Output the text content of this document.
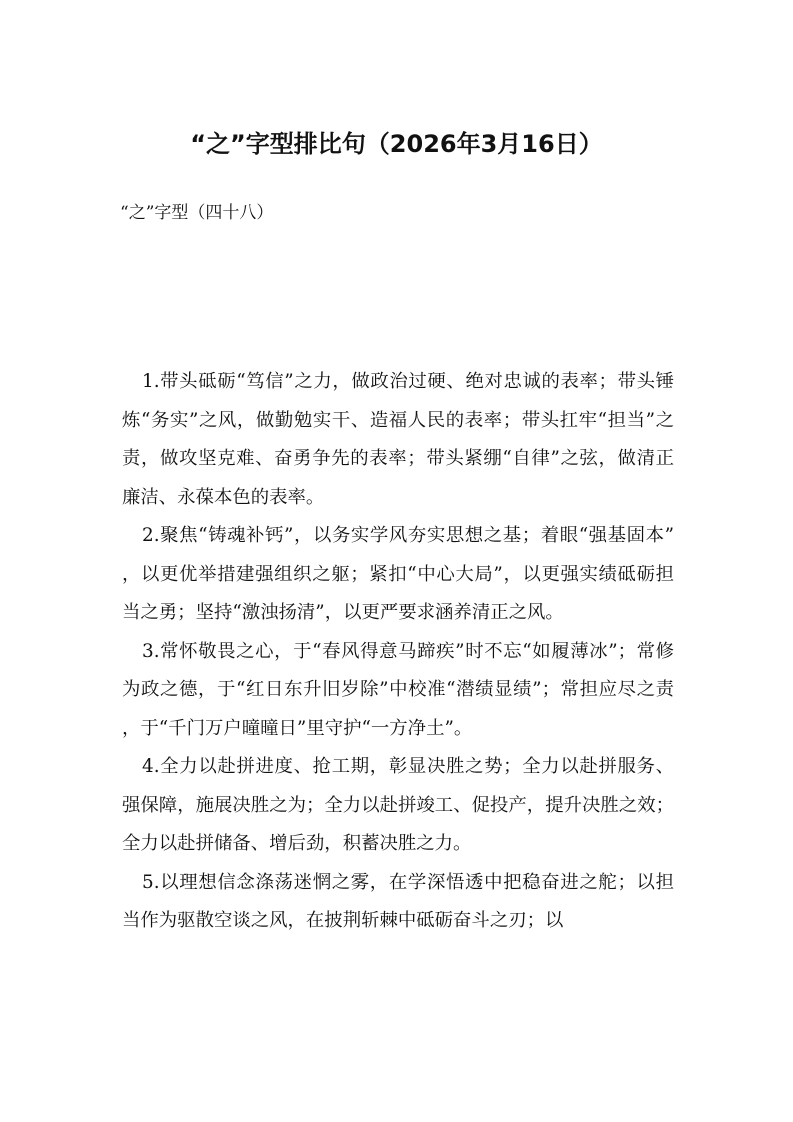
“之”字型排比句（2026年3月16日）
“之”字型（四十八）

1.带头砥砺“笃信”之力，做政治过硬、绝对忠诚的表率；带头锤炼“务实”之风，做勤勉实干、造福人民的表率；带头扛牢“担当”之责，做攻坚克难、奋勇争先的表率；带头紧绷“自律”之弦，做清正廉洁、永葆本色的表率。

2.聚焦“铸魂补钙”，以务实学风夯实思想之基；着眼“强基固本”，以更优举措建强组织之躯；紧扣“中心大局”，以更强实绩砥砺担当之勇；坚持“激浊扬清”，以更严要求涵养清正之风。

3.常怀敬畏之心，于“春风得意马蹄疾”时不忘“如履薄冰”；常修为政之德，于“红日东升旧岁除”中校准“潜绩显绩”；常担应尽之责，于“千门万户曈曈日”里守护“一方净土”。

4.全力以赴拼进度、抢工期，彰显决胜之势；全力以赴拼服务、强保障，施展决胜之为；全力以赴拼竣工、促投产，提升决胜之效；全力以赴拼储备、增后劲，积蓄决胜之力。

5.以理想信念涤荡迷惘之雾，在学深悟透中把稳奋进之舵；以担当作为驱散空谈之风，在披荆斩棘中砥砺奋斗之刃；以
